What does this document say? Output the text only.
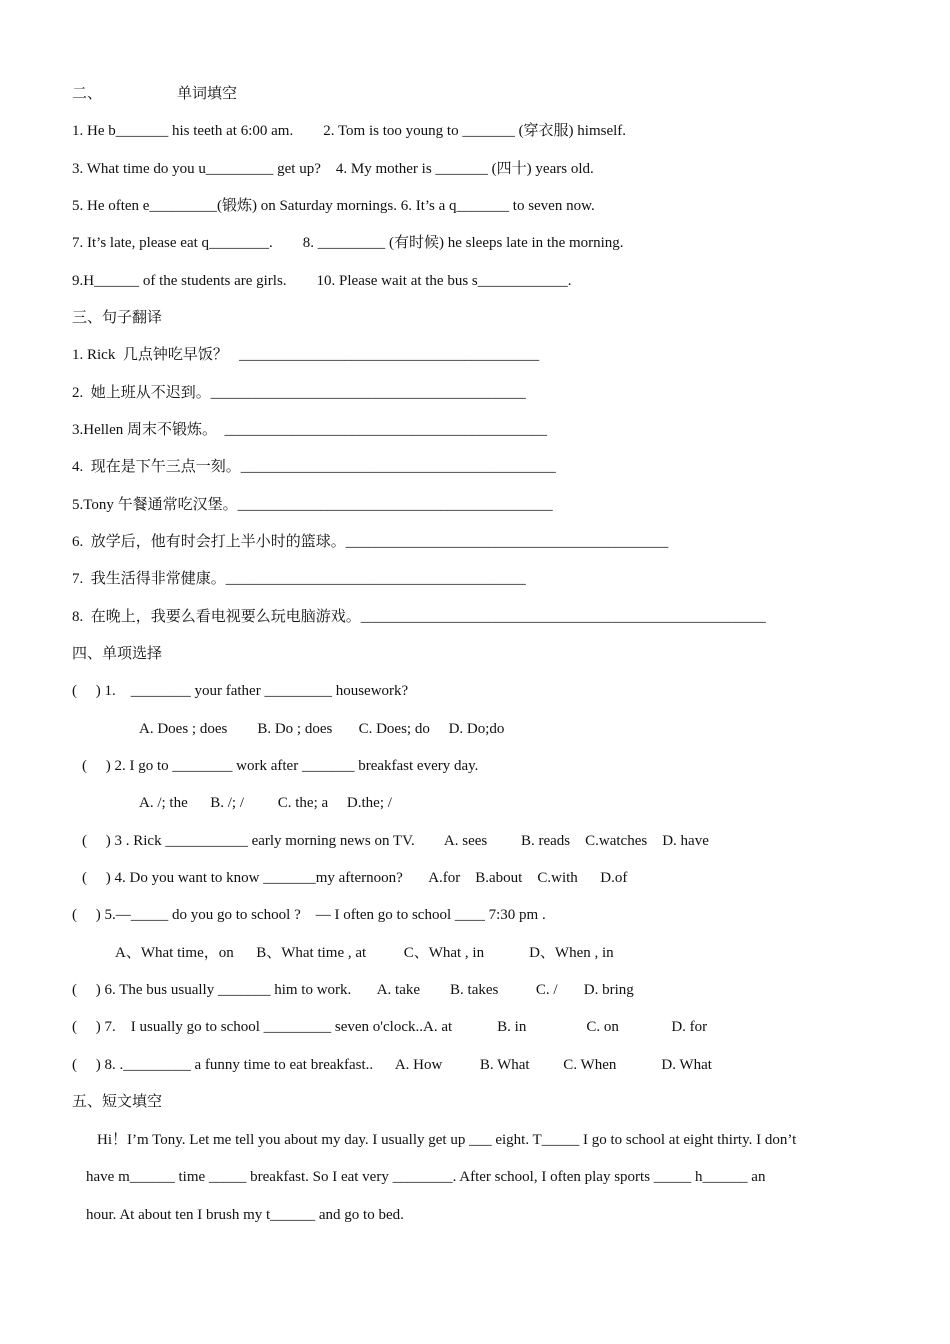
二、                    单词填空
1. He b_______ his teeth at 6:00 am.        2. Tom is too young to _______ (穿衣服) himself.
3. What time do you u_________ get up?    4. My mother is _______ (四十) years old.
5. He often e_________(锻炼) on Saturday mornings. 6. It’s a q_______ to seven now.
7. It’s late, please eat q________.        8. _________ (有时候) he sleeps late in the morning.
9.H______ of the students are girls.        10. Please wait at the bus s____________.
三、句子翻译
1. Rick  几点钟吃早饭？   ________________________________________
2.  她上班从不迟到。__________________________________________
3.Hellen 周末不锻炼。  ___________________________________________
4.  现在是下午三点一刻。__________________________________________
5.Tony 午餐通常吃汉堡。__________________________________________
6.  放学后，他有时会打上半小时的篮球。___________________________________________
7.  我生活得非常健康。________________________________________
8.  在晚上，我要么看电视要么玩电脑游戏。______________________________________________________
四、单项选择
(     ) 1.    ________ your father _________ housework?
A. Does ; does        B. Do ; does       C. Does; do     D. Do;do
(     ) 2. I go to ________ work after _______ breakfast every day.
A. /; the      B. /; /         C. the; a     D.the; /
(     ) 3 . Rick ___________ early morning news on TV.        A. sees         B. reads    C.watches    D. have
(     ) 4. Do you want to know _______my afternoon?       A.for    B.about    C.with      D.of
(     ) 5.—_____ do you go to school ?    — I often go to school ____ 7:30 pm .
A、What time，on      B、What time , at          C、What , in            D、When , in
(     ) 6. The bus usually _______ him to work.       A. take        B. takes          C. /       D. bring
(     ) 7.    I usually go to school _________ seven o'clock..A. at            B. in                C. on              D. for
(     ) 8. ._________ a funny time to eat breakfast..      A. How          B. What         C. When            D. What
五、短文填空
Hi！I’m Tony. Let me tell you about my day. I usually get up ___ eight. T_____ I go to school at eight thirty. I don’t
have m______ time _____ breakfast. So I eat very ________. After school, I often play sports _____ h______ an
hour. At about ten I brush my t______ and go to bed.
